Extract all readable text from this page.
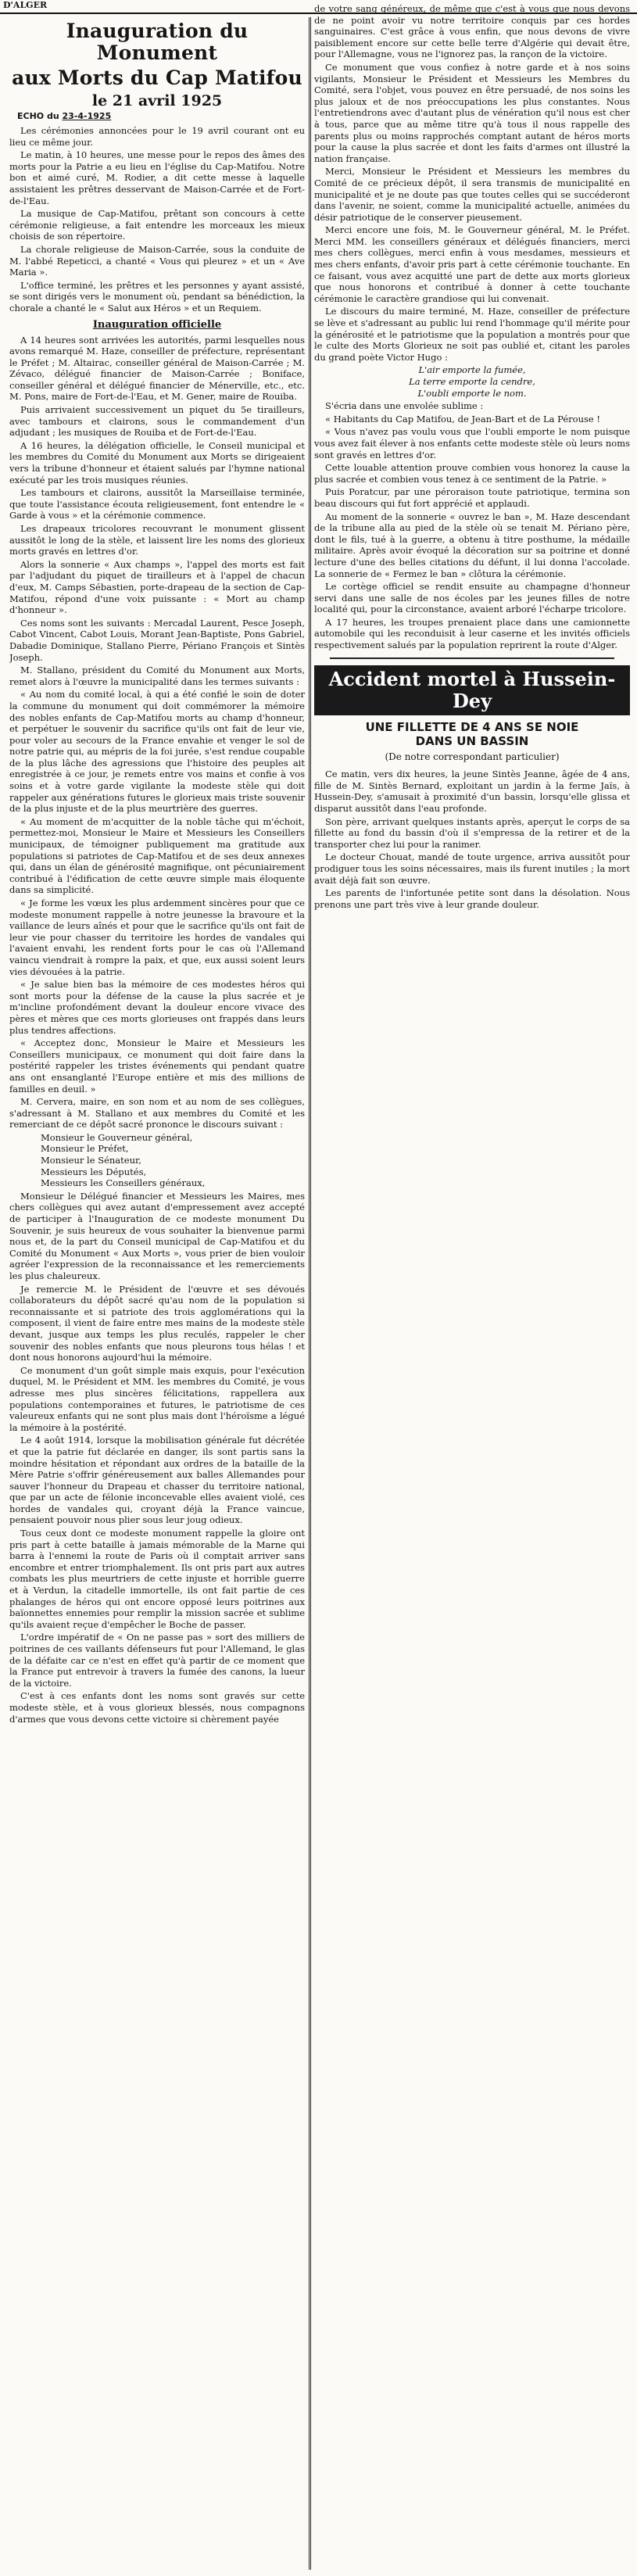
D'ALGER
Inauguration du Monument
aux Morts du Cap Matifou
le 21 avril 1925
ECHO du 23-4-1925

Les cérémonies annoncées pour le 19 avril courant ont eu lieu ce même jour.

Le matin, à 10 heures, une messe pour le repos des âmes des morts pour la Patrie a eu lieu en l'église du Cap-Matifou. Notre bon et aimé curé, M. Rodier, a dit cette messe à laquelle assistaient les prêtres desservant de Maison-Carrée et de Fort-de-l'Eau.

La musique de Cap-Matifou, prêtant son concours à cette cérémonie religieuse, a fait entendre les morceaux les mieux choisis de son répertoire.

La chorale religieuse de Maison-Carrée, sous la conduite de M. l'abbé Repeticci, a chanté « Vous qui pleurez » et un « Ave Maria ».

L'office terminé, les prêtres et les personnes y ayant assisté, se sont dirigés vers le monument où, pendant sa bénédiction, la chorale a chanté le « Salut aux Héros » et un Requiem.

Inauguration officielle

A 14 heures sont arrivées les autorités, parmi lesquelles nous avons remarqué M. Haze, conseiller de préfecture, représentant le Préfet ; M. Altairac, conseiller général de Maison-Carrée ; M. Zévaco, délégué financier de Maison-Carrée ; Boniface, conseiller général et délégué financier de Ménerville, etc., etc. M. Pons, maire de Fort-de-l'Eau, et M. Gener, maire de Rouiba.

Puis arrivaient successivement un piquet du 5e tirailleurs, avec tambours et clairons, sous le commandement d'un adjudant ; les musiques de Rouiba et de Fort-de-l'Eau.

A 16 heures, la délégation officielle, le Conseil municipal et les membres du Comité du Monument aux Morts se dirigeaient vers la tribune d'honneur et étaient salués par l'hymne national exécuté par les trois musiques réunies.

Les tambours et clairons, aussitôt la Marseillaise terminée, que toute l'assistance écouta religieusement, font entendre le « Garde à vous » et la cérémonie commence.

Les drapeaux tricolores recouvrant le monument glissent aussitôt le long de la stèle, et laissent lire les noms des glorieux morts gravés en lettres d'or.

Alors la sonnerie « Aux champs », l'appel des morts est fait par l'adjudant du piquet de tirailleurs et à l'appel de chacun d'eux, M. Camps Sébastien, porte-drapeau de la section de Cap-Matifou, répond d'une voix puissante : « Mort au champ d'honneur ».

Ces noms sont les suivants : Mercadal Laurent, Pesce Joseph, Cabot Vincent, Cabot Louis, Morant Jean-Baptiste, Pons Gabriel, Dabadie Dominique, Stallano Pierre, Périano François et Sintès Joseph.

M. Stallano, président du Comité du Monument aux Morts, remet alors à l'œuvre la municipalité dans les termes suivants :

« Au nom du comité local, à qui a été confié le soin de doter la commune du monument qui doit commémorer la mémoire des nobles enfants de Cap-Matifou morts au champ d'honneur, et perpétuer le souvenir du sacrifice qu'ils ont fait de leur vie, pour voler au secours de la France envahie et venger le sol de notre patrie qui, au mépris de la foi jurée, s'est rendue coupable de la plus lâche des agressions que l'histoire des peuples ait enregistrée à ce jour, je remets entre vos mains et confie à vos soins et à votre garde vigilante la modeste stèle qui doit rappeler aux générations futures le glorieux mais triste souvenir de la plus injuste et de la plus meurtrière des guerres.

« Au moment de m'acquitter de la noble tâche qui m'échoit, permettez-moi, Monsieur le Maire et Messieurs les Conseillers municipaux, de témoigner publiquement ma gratitude aux populations si patriotes de Cap-Matifou et de ses deux annexes qui, dans un élan de générosité magnifique, ont pécuniairement contribué à l'édification de cette œuvre simple mais éloquente dans sa simplicité.

« Je forme les vœux les plus ardemment sincères pour que ce modeste monument rappelle à notre jeunesse la bravoure et la vaillance de leurs aînés et pour que le sacrifice qu'ils ont fait de leur vie pour chasser du territoire les hordes de vandales qui l'avaient envahi, les rendent forts pour le cas où l'Allemand vaincu viendrait à rompre la paix, et que, eux aussi soient leurs vies dévouées à la patrie.

« Je salue bien bas la mémoire de ces modestes héros qui sont morts pour la défense de la cause la plus sacrée et je m'incline profondément devant la douleur encore vivace des pères et mères que ces morts glorieuses ont frappés dans leurs plus tendres affections.

« Acceptez donc, Monsieur le Maire et Messieurs les Conseillers municipaux, ce monument qui doit faire dans la postérité rappeler les tristes événements qui pendant quatre ans ont ensanglanté l'Europe entière et mis des millions de familles en deuil. »

M. Cervera, maire, en son nom et au nom de ses collègues, s'adressant à M. Stallano et aux membres du Comité et les remerciant de ce dépôt sacré prononce le discours suivant :

Monsieur le Gouverneur général,
Monsieur le Préfet,
Monsieur le Sénateur,
Messieurs les Députés,
Messieurs les Conseillers généraux,

Monsieur le Délégué financier et Messieurs les Maires, mes chers collègues qui avez autant d'empressement avez accepté de participer à l'Inauguration de ce modeste monument Du Souvenir, je suis heureux de vous souhaiter la bienvenue parmi nous et, de la part du Conseil municipal de Cap-Matifou et du Comité du Monument « Aux Morts », vous prier de bien vouloir agréer l'expression de la reconnaissance et les remerciements les plus chaleureux.

Je remercie M. le Président de l'œuvre et ses dévoués collaborateurs du dépôt sacré qu'au nom de la population si reconnaissante et si patriote des trois agglomérations qui la composent, il vient de faire entre mes mains de la modeste stèle devant, jusque aux temps les plus reculés, rappeler le cher souvenir des nobles enfants que nous pleurons tous hélas ! et dont nous honorons aujourd'hui la mémoire.

Ce monument d'un goût simple mais exquis, pour l'exécution duquel, M. le Président et MM. les membres du Comité, je vous adresse mes plus sincères félicitations, rappellera aux populations contemporaines et futures, le patriotisme de ces valeureux enfants qui ne sont plus mais dont l'héroïsme a légué la mémoire à la postérité.

Le 4 août 1914, lorsque la mobilisation générale fut décrétée et que la patrie fut déclarée en danger, ils sont partis sans la moindre hésitation et répondant aux ordres de la bataille de la Mère Patrie s'offrir généreusement aux balles Allemandes pour sauver l'honneur du Drapeau et chasser du territoire national, que par un acte de félonie inconcevable elles avaient violé, ces hordes de vandales qui, croyant déjà la France vaincue, pensaient pouvoir nous plier sous leur joug odieux.

Tous ceux dont ce modeste monument rappelle la gloire ont pris part à cette bataille à jamais mémorable de la Marne qui barra à l'ennemi la route de Paris où il comptait arriver sans encombre et entrer triomphalement. Ils ont pris part aux autres combats les plus meurtriers de cette injuste et horrible guerre et à Verdun, la citadelle immortelle, ils ont fait partie de ces phalanges de héros qui ont encore opposé leurs poitrines aux baïonnettes ennemies pour remplir la mission sacrée et sublime qu'ils avaient reçue d'empêcher le Boche de passer.

L'ordre impératif de « On ne passe pas » sort des milliers de poitrines de ces vaillants défenseurs fut pour l'Allemand, le glas de la défaite car ce n'est en effet qu'à partir de ce moment que la France put entrevoir à travers la fumée des canons, la lueur de la victoire.

C'est à ces enfants dont les noms sont gravés sur cette modeste stèle, et à vous glorieux blessés, nous compagnons d'armes que vous devons cette victoire si chèrement payée

de votre sang généreux, de même que c'est à vous que nous devons de ne point avoir vu notre territoire conquis par ces hordes sanguinaires. C'est grâce à vous enfin, que nous devons de vivre paisiblement encore sur cette belle terre d'Algérie qui devait être, pour l'Allemagne, vous ne l'ignorez pas, la rançon de la victoire.

Ce monument que vous confiez à notre garde et à nos soins vigilants, Monsieur le Président et Messieurs les Membres du Comité, sera l'objet, vous pouvez en être persuadé, de nos soins les plus jaloux et de nos préoccupations les plus constantes. Nous l'entretiendrons avec d'autant plus de vénération qu'il nous est cher à tous, parce que au même titre qu'à tous il nous rappelle des parents plus ou moins rapprochés comptant autant de héros morts pour la cause la plus sacrée et dont les faits d'armes ont illustré la nation française.

Merci, Monsieur le Président et Messieurs les membres du Comité de ce précieux dépôt, il sera transmis de municipalité en municipalité et je ne doute pas que toutes celles qui se succéderont dans l'avenir, ne soient, comme la municipalité actuelle, animées du désir patriotique de le conserver pieusement.

Merci encore une fois, M. le Gouverneur général, M. le Préfet. Merci MM. les conseillers généraux et délégués financiers, merci mes chers collègues, merci enfin à vous mesdames, messieurs et mes chers enfants, d'avoir pris part à cette cérémonie touchante. En ce faisant, vous avez acquitté une part de dette aux morts glorieux que nous honorons et contribué à donner à cette touchante cérémonie le caractère grandiose qui lui convenait.

Le discours du maire terminé, M. Haze, conseiller de préfecture se lève et s'adressant au public lui rend l'hommage qu'il mérite pour la générosité et le patriotisme que la population a montrés pour que le culte des Morts Glorieux ne soit pas oublié et, citant les paroles du grand poète Victor Hugo :

L'air emporte la fumée,

La terre emporte la cendre,

L'oubli emporte le nom.

S'écria dans une envolée sublime :

« Habitants du Cap Matifou, de Jean-Bart et de La Pérouse !

« Vous n'avez pas voulu vous que l'oubli emporte le nom puisque vous avez fait élever à nos enfants cette modeste stèle où leurs noms sont gravés en lettres d'or.

Cette louable attention prouve combien vous honorez la cause la plus sacrée et combien vous tenez à ce sentiment de la Patrie. »

Puis Poratcur, par une péroraison toute patriotique, termina son beau discours qui fut fort apprécié et applaudi.

Au moment de la sonnerie « ouvrez le ban », M. Haze descendant de la tribune alla au pied de la stèle où se tenait M. Périano père, dont le fils, tué à la guerre, a obtenu à titre posthume, la médaille militaire. Après avoir évoqué la décoration sur sa poitrine et donné lecture d'une des belles citations du défunt, il lui donna l'accolade. La sonnerie de « Fermez le ban » clôtura la cérémonie.

Le cortège officiel se rendit ensuite au champagne d'honneur servi dans une salle de nos écoles par les jeunes filles de notre localité qui, pour la circonstance, avaient arboré l'écharpe tricolore.

A 17 heures, les troupes prenaient place dans une camionnette automobile qui les reconduisit à leur caserne et les invités officiels respectivement salués par la population reprirent la route d'Alger.

Accident mortel à Hussein-Dey
UNE FILLETTE DE 4 ANS SE NOIE
DANS UN BASSIN

(De notre correspondant particulier)

Ce matin, vers dix heures, la jeune Sintès Jeanne, âgée de 4 ans, fille de M. Sintès Bernard, exploitant un jardin à la ferme Jaïs, à Hussein-Dey, s'amusait à proximité d'un bassin, lorsqu'elle glissa et disparut aussitôt dans l'eau profonde.

Son père, arrivant quelques instants après, aperçut le corps de sa fillette au fond du bassin d'où il s'empressa de la retirer et de la transporter chez lui pour la ranimer.

Le docteur Chouat, mandé de toute urgence, arriva aussitôt pour prodiguer tous les soins nécessaires, mais ils furent inutiles ; la mort avait déjà fait son œuvre.

Les parents de l'infortunée petite sont dans la désolation. Nous prenons une part très vive à leur grande douleur.
